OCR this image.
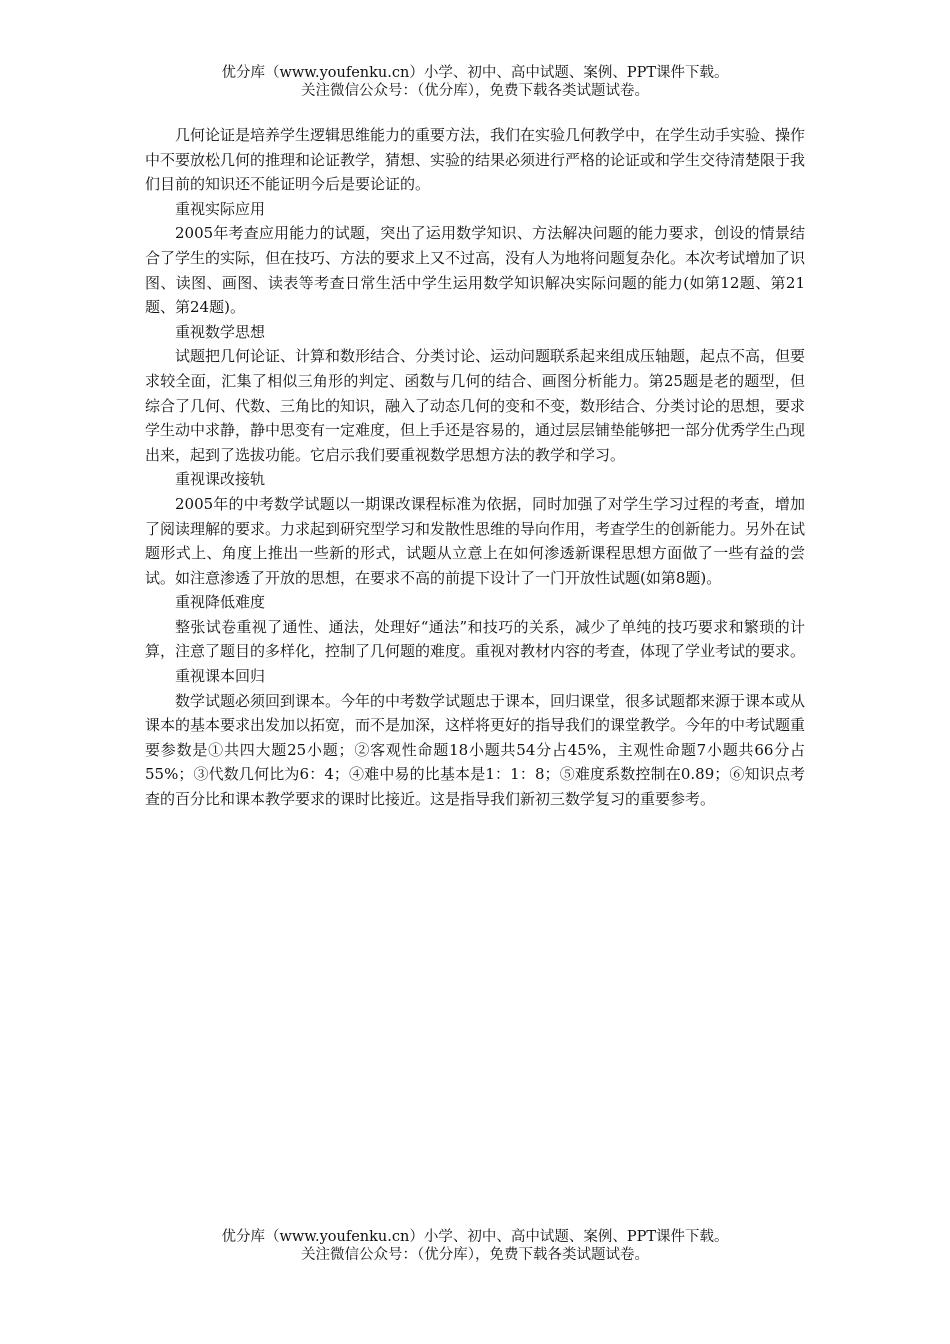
优分库（www.youfenku.cn）小学、初中、高中试题、案例、PPT课件下载。
关注微信公众号：（优分库），免费下载各类试题试卷。

几何论证是培养学生逻辑思维能力的重要方法，我们在实验几何教学中，在学生动手实验、操作中不要放松几何的推理和论证教学，猜想、实验的结果必须进行严格的论证或和学生交待清楚限于我们目前的知识还不能证明今后是要论证的。

重视实际应用

2005年考查应用能力的试题，突出了运用数学知识、方法解决问题的能力要求，创设的情景结合了学生的实际，但在技巧、方法的要求上又不过高，没有人为地将问题复杂化。本次考试增加了识图、读图、画图、读表等考查日常生活中学生运用数学知识解决实际问题的能力(如第12题、第21题、第24题)。

重视数学思想

试题把几何论证、计算和数形结合、分类讨论、运动问题联系起来组成压轴题，起点不高，但要求较全面，汇集了相似三角形的判定、函数与几何的结合、画图分析能力。第25题是老的题型，但综合了几何、代数、三角比的知识，融入了动态几何的变和不变，数形结合、分类讨论的思想，要求学生动中求静，静中思变有一定难度，但上手还是容易的，通过层层铺垫能够把一部分优秀学生凸现出来，起到了选拔功能。它启示我们要重视数学思想方法的教学和学习。

重视课改接轨

2005年的中考数学试题以一期课改课程标准为依据，同时加强了对学生学习过程的考查，增加了阅读理解的要求。力求起到研究型学习和发散性思维的导向作用，考查学生的创新能力。另外在试题形式上、角度上推出一些新的形式，试题从立意上在如何渗透新课程思想方面做了一些有益的尝试。如注意渗透了开放的思想，在要求不高的前提下设计了一门开放性试题(如第8题)。

重视降低难度

整张试卷重视了通性、通法，处理好“通法”和技巧的关系，减少了单纯的技巧要求和繁琐的计算，注意了题目的多样化，控制了几何题的难度。重视对教材内容的考查，体现了学业考试的要求。

重视课本回归

数学试题必须回到课本。今年的中考数学试题忠于课本，回归课堂，很多试题都来源于课本或从课本的基本要求出发加以拓宽，而不是加深，这样将更好的指导我们的课堂教学。今年的中考试题重要参数是①共四大题25小题；②客观性命题18小题共54分占45%，主观性命题7小题共66分占55%；③代数几何比为6：4；④难中易的比基本是1：1：8；⑤难度系数控制在0.89；⑥知识点考查的百分比和课本教学要求的课时比接近。这是指导我们新初三数学复习的重要参考。

优分库（www.youfenku.cn）小学、初中、高中试题、案例、PPT课件下载。
关注微信公众号：（优分库），免费下载各类试题试卷。
